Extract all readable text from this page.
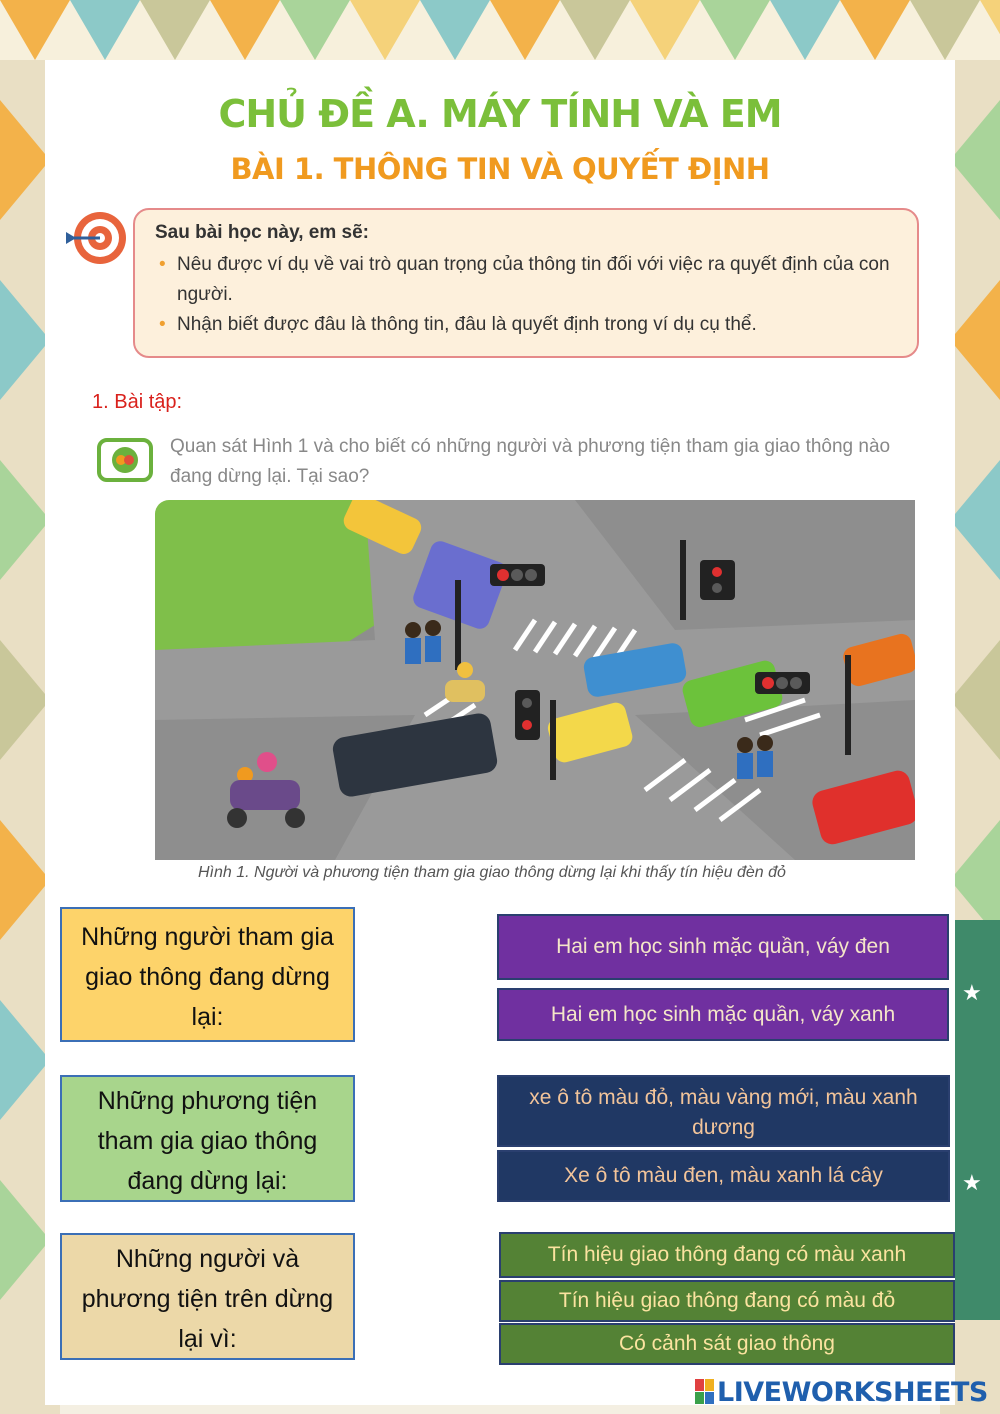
★
★
CHỦ ĐỀ A. MÁY TÍNH VÀ EM
BÀI 1. THÔNG TIN VÀ QUYẾT ĐỊNH
Sau bài học này, em sẽ:
• Nêu được ví dụ về vai trò quan trọng của thông tin đối với việc ra quyết định của con người.
• Nhận biết được đâu là thông tin, đâu là quyết định trong ví dụ cụ thể.
1. Bài tập:
Quan sát Hình 1 và cho biết có những người và phương tiện tham gia giao thông nào đang dừng lại. Tại sao?
Hình 1. Người và phương tiện tham gia giao thông dừng lại khi thấy tín hiệu đèn đỏ
Những người tham gia giao thông đang dừng lại:
Những phương tiện tham gia giao thông đang dừng lại:
Những người và phương tiện trên dừng lại vì:
Hai em học sinh mặc quần, váy đen
Hai em học sinh mặc quần, váy xanh
xe ô tô màu đỏ, màu vàng mới, màu xanh dương
Xe ô tô màu đen, màu xanh lá cây
Tín hiệu giao thông đang có màu xanh
Tín hiệu giao thông đang có màu đỏ
Có cảnh sát giao thông
LIVEWORKSHEETS
